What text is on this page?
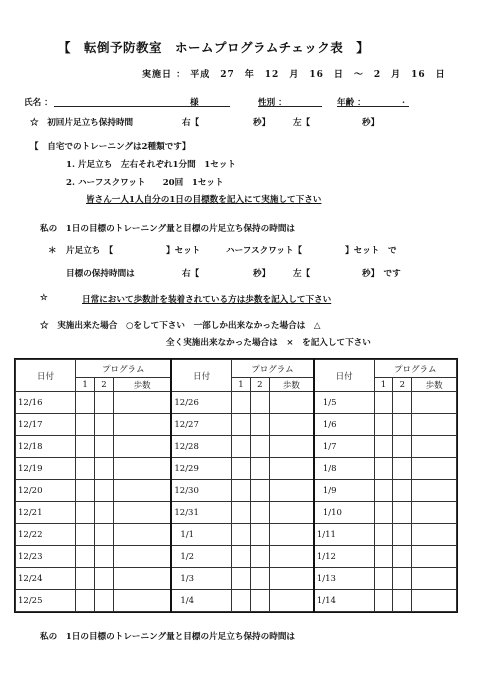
【　転倒予防教室　ホームプログラムチェック表　】
実施日 ： 平成　27　年　12　月　16　日　〜　2　月　16　日
氏名 ：	様	性別 ：	年齢 ：	.
☆　初回片足立ち保持時間	右【	秒】	左【	秒】
【　自宅でのトレーニングは2種類です】
1. 片足立ち　左右それぞれ1分間　1セット
2. ハーフスクワット　　20回　1セット
皆さん一人1人自分の1日の目標数を記入にて実施して下さい
私の　1日の目標のトレーニング量と目標の片足立ち保持の時間は
＊ 片足立ち　【	】セット	ハーフスクワット【	】セット　で
目標の保持時間は	右【	秒】	左【	秒】　です
☆	日常において歩数計を装着されている方は歩数を記入して下さい
☆　実施出来た場合　○をして下さい　一部しか出来なかった場合は　△
全く実施出来なかった場合は　×　を記入して下さい
日付	プログラム			日付	プログラム			日付	プログラム		
	1	2	歩数		1	2	歩数		1	2	歩数
12/16				12/26				1/5			
12/17				12/27				1/6			
12/18				12/28				1/7			
12/19				12/29				1/8			
12/20				12/30				1/9			
12/21				12/31				1/10			
12/22				1/1				1/11			
12/23				1/2				1/12			
12/24				1/3				1/13			
12/25				1/4				1/14			
私の　1日の目標のトレーニング量と目標の片足立ち保持の時間は
